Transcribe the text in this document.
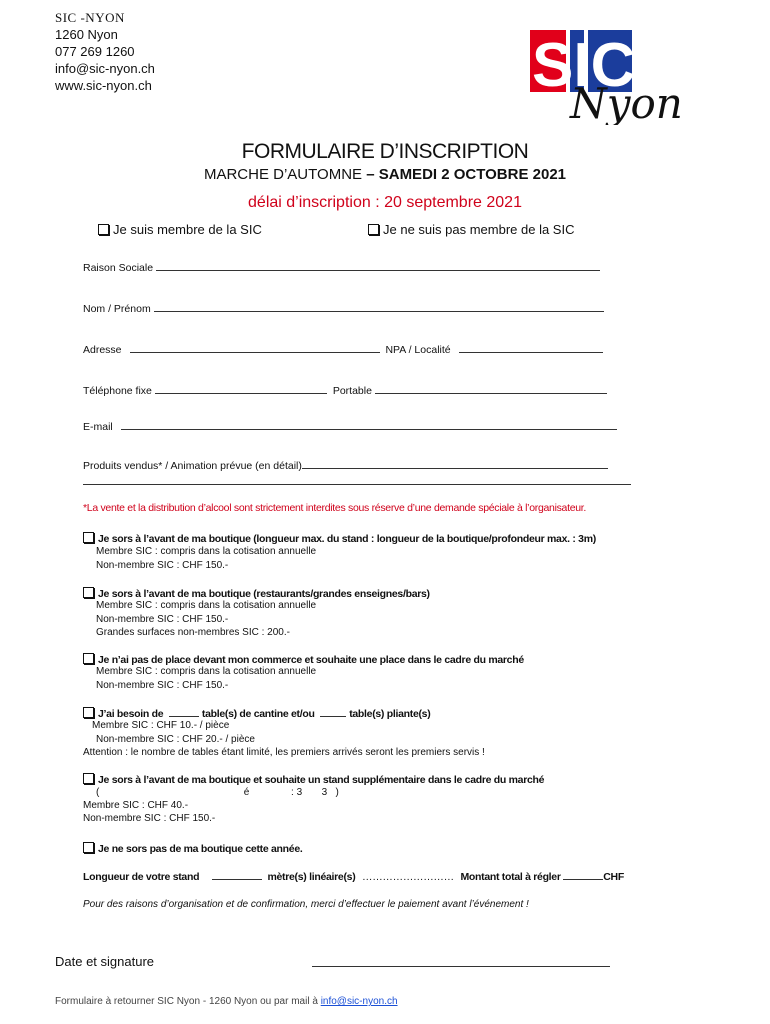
SIC -NYON
1260 Nyon
077 269 1260
info@sic-nyon.ch
www.sic-nyon.ch	SIC
Nyon
FORMULAIRE D’INSCRIPTION
MARCHE D’AUTOMNE – SAMEDI 2 OCTOBRE 2021
délai d’inscription : 20 septembre 2021
Je suis membre de la SIC	Je ne suis pas membre de la SIC
Raison Sociale
Nom / Prénom
Adresse	NPA / Localité
Téléphone fixe	Portable
E-mail
Produits vendus* / Animation prévue (en détail)
*La vente et la distribution d’alcool sont strictement interdites sous réserve d’une demande spéciale à l’organisateur.
Je sors à l’avant de ma boutique (longueur max. du stand : longueur de la boutique/profondeur max. : 3m)
Membre SIC : compris dans la cotisation annuelle
Non-membre SIC : CHF 150.-
Je sors à l’avant de ma boutique (restaurants/grandes enseignes/bars)
Membre SIC : compris dans la cotisation annuelle
Non-membre SIC : CHF 150.-
Grandes surfaces non-membres SIC : 200.-
Je n’ai pas de place devant mon commerce et souhaite une place dans le cadre du marché
Membre SIC : compris dans la cotisation annuelle
Non-membre SIC : CHF 150.-
J’ai besoin de	table(s) de cantine et/ou	table(s) pliante(s)
Membre SIC : CHF 10.- / pièce
Non-membre SIC : CHF 20.- / pièce
Attention : le nombre de tables étant limité, les premiers arrivés seront les premiers servis !
Je sors à l’avant de ma boutique et souhaite un stand supplémentaire dans le cadre du marché
(                                                    é               : 3       3   )
Membre SIC : CHF 40.-
Non-membre SIC : CHF 150.-
Je ne sors pas de ma boutique cette année.
Longueur de votre stand	mètre(s) linéaire(s) ……………………… Montant total à régler	CHF
Pour des raisons d’organisation et de confirmation, merci d’effectuer le paiement avant l’événement !
Date et signature
Formulaire à retourner SIC Nyon - 1260 Nyon ou par mail à info@sic-nyon.ch
